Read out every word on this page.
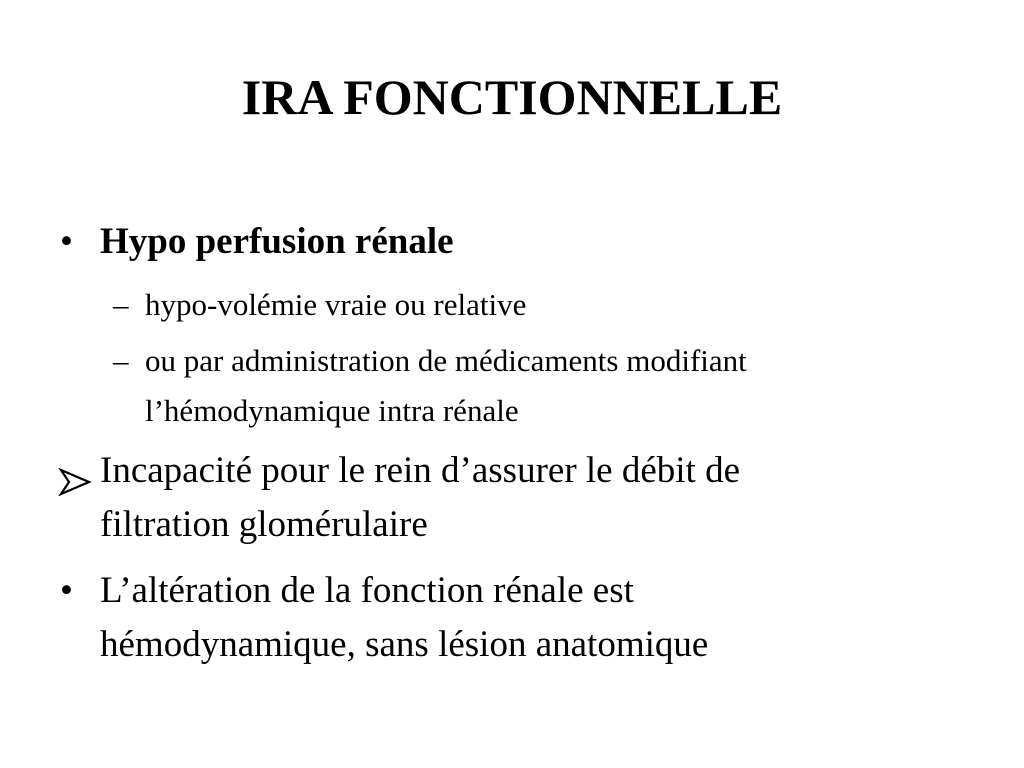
IRA FONCTIONNELLE
• Hypo perfusion rénale
– hypo-volémie vraie ou relative
– ou par administration de médicaments modifiant
l’hémodynamique intra rénale
Incapacité pour le rein d’assurer le débit de
filtration glomérulaire
• L’altération de la fonction rénale est
hémodynamique, sans lésion anatomique
